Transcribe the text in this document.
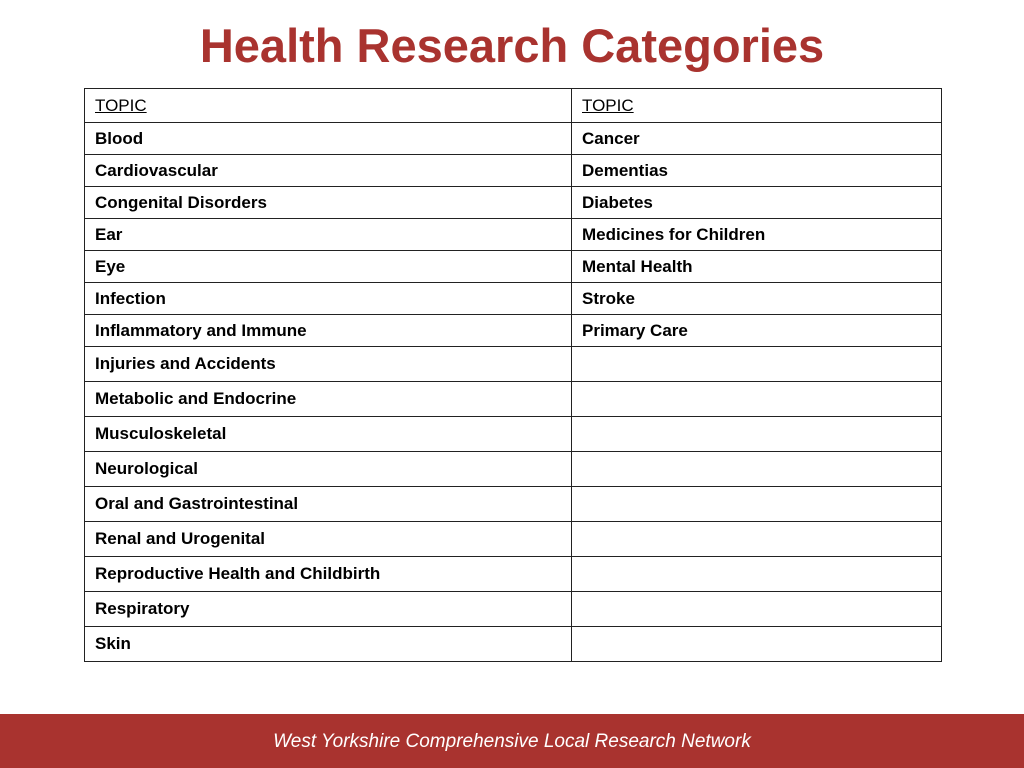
Health Research Categories
TOPIC	TOPIC
Blood	Cancer
Cardiovascular	Dementias
Congenital Disorders	Diabetes
Ear	Medicines for Children
Eye	Mental Health
Infection	Stroke
Inflammatory and Immune	Primary Care
Injuries and Accidents	
Metabolic and Endocrine	
Musculoskeletal	
Neurological	
Oral and Gastrointestinal	
Renal and Urogenital	
Reproductive Health and Childbirth	
Respiratory	
Skin	
West Yorkshire Comprehensive Local Research Network
